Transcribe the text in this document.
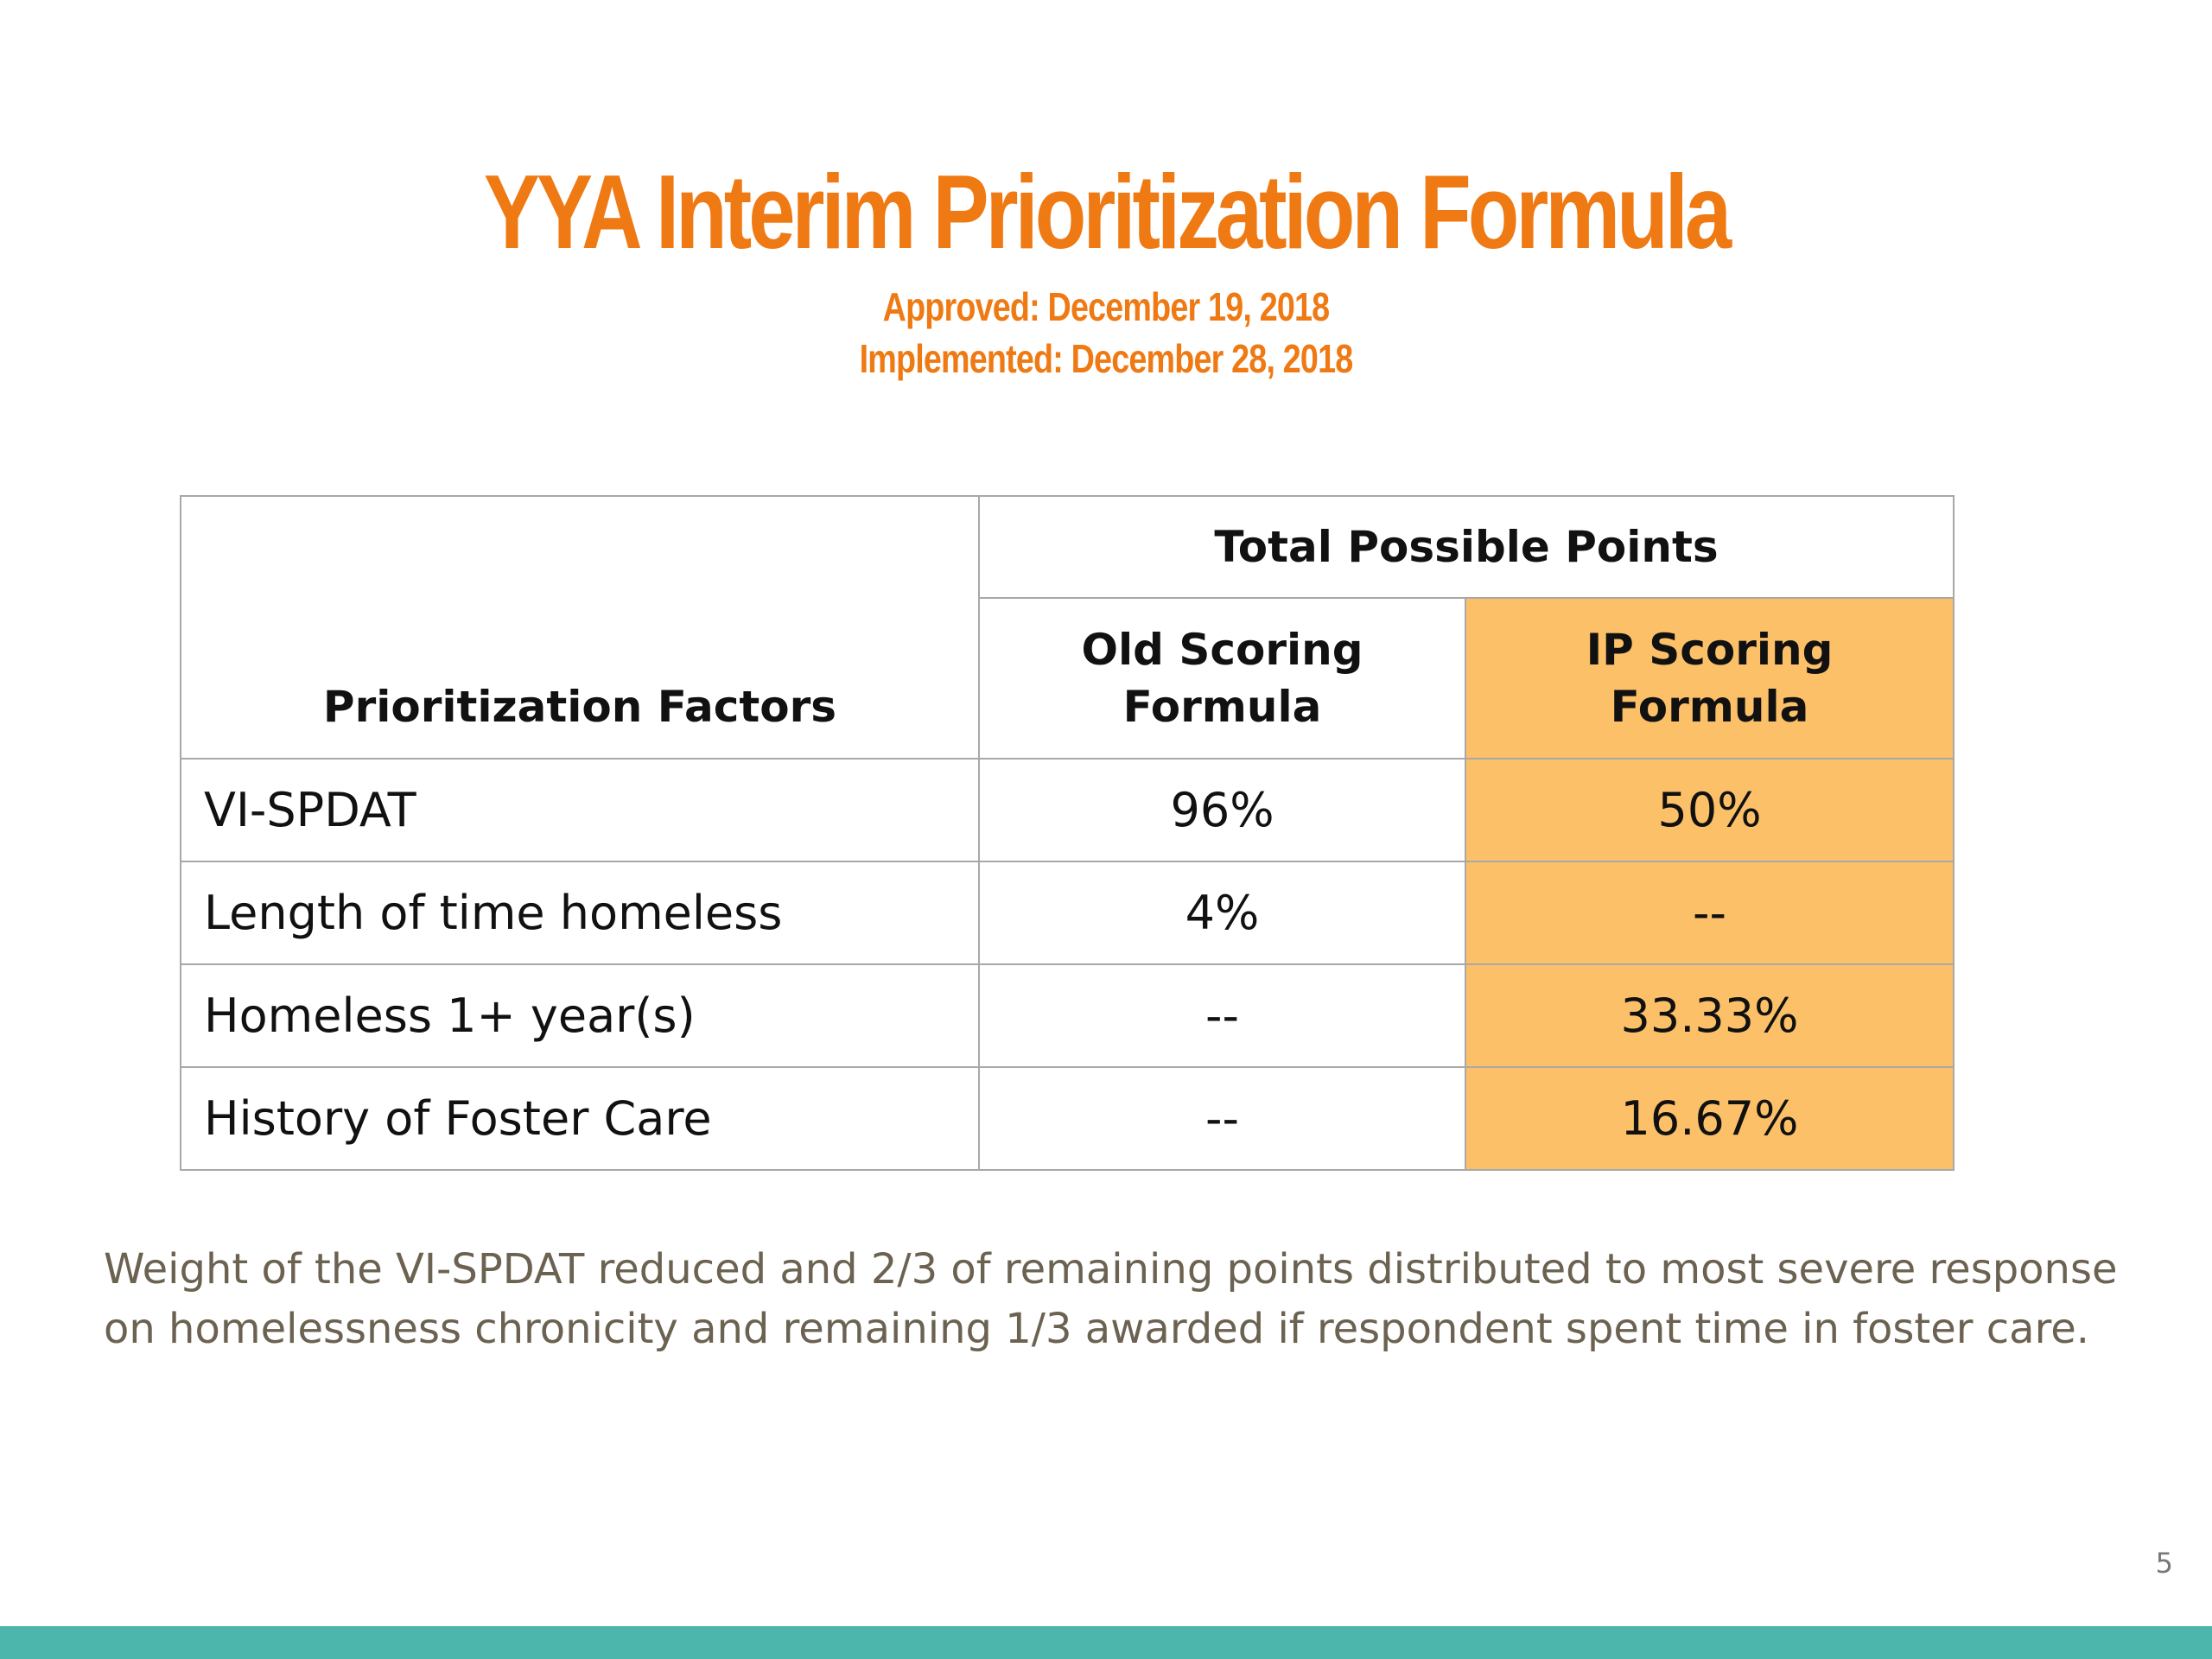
YYA Interim Prioritization Formula
Approved: December 19, 2018
Implemented: December 28, 2018
Prioritization Factors	Total Possible Points	

	Old Scoring Formula	IP Scoring Formula

VI-SPDAT	96%	50%
Length of time homeless	4%	--
Homeless 1+ year(s)	--	33.33%
History of Foster Care	--	16.67%
Weight of the VI-SPDAT reduced and 2/3 of remaining points distributed to most severe response on homelessness chronicity and remaining 1/3 awarded if respondent spent time in foster care.
5
